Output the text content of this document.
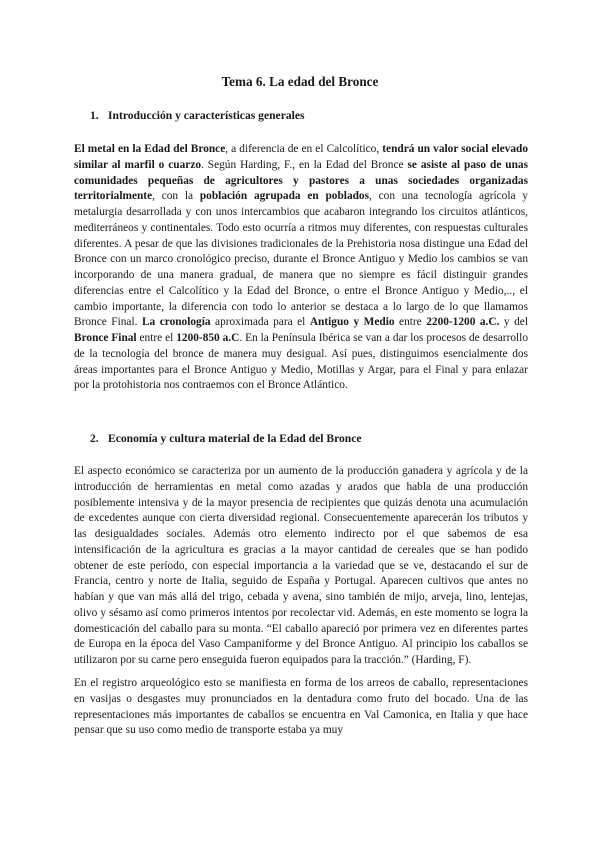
Tema 6. La edad del Bronce
1. Introducción y características generales

El metal en la Edad del Bronce, a diferencia de en el Calcolítico, tendrá un valor social elevado similar al marfil o cuarzo. Según Harding, F., en la Edad del Bronce se asiste al paso de unas comunidades pequeñas de agricultores y pastores a unas sociedades organizadas territorialmente, con la población agrupada en poblados, con una tecnología agrícola y metalurgia desarrollada y con unos intercambios que acabaron integrando los circuitos atlánticos, mediterráneos y continentales. Todo esto ocurría a ritmos muy diferentes, con respuestas culturales diferentes. A pesar de que las divisiones tradicionales de la Prehistoria nosa distingue una Edad del Bronce con un marco cronológico preciso, durante el Bronce Antiguo y Medio los cambios se van incorporando de una manera gradual, de manera que no siempre es fácil distinguir grandes diferencias entre el Calcolítico y la Edad del Bronce, o entre el Bronce Antiguo y Medio,.., el cambio importante, la diferencia con todo lo anterior se destaca a lo largo de lo que llamamos Bronce Final. La cronología aproximada para el Antiguo y Medio entre 2200-1200 a.C. y del Bronce Final entre el 1200-850 a.C. En la Península Ibérica se van a dar los procesos de desarrollo de la tecnología del bronce de manera muy desigual. Así pues, distinguimos esencialmente dos áreas importantes para el Bronce Antiguo y Medio, Motillas y Argar, para el Final y para enlazar por la protohistoria nos contraemos con el Bronce Atlántico.

2. Economía y cultura material de la Edad del Bronce

El aspecto económico se caracteriza por un aumento de la producción ganadera y agrícola y de la introducción de herramientas en metal como azadas y arados que habla de una producción posiblemente intensiva y de la mayor presencia de recipientes que quizás denota una acumulación de excedentes aunque con cierta diversidad regional. Consecuentemente aparecerán los tributos y las desigualdades sociales. Además otro elemento indirecto por el que sabemos de esa intensificación de la agricultura es gracias a la mayor cantidad de cereales que se han podido obtener de este período, con especial importancia a la variedad que se ve, destacando el sur de Francia, centro y norte de Italia, seguido de España y Portugal. Aparecen cultivos que antes no habían y que van más allá del trigo, cebada y avena, sino también de mijo, arveja, lino, lentejas, olivo y sésamo así como primeros intentos por recolectar vid. Además, en este momento se logra la domesticación del caballo para su monta. “El caballo apareció por primera vez en diferentes partes de Europa en la época del Vaso Campaniforme y del Bronce Antiguo. Al principio los caballos se utilizaron por su carne pero enseguida fueron equipados para la tracción.” (Harding, F).

En el registro arqueológico esto se manifiesta en forma de los arreos de caballo, representaciones en vasijas o desgastes muy pronunciados en la dentadura como fruto del bocado. Una de las representaciones más importantes de caballos se encuentra en Val Camonica, en Italia y que hace pensar que su uso como medio de transporte estaba ya muy
